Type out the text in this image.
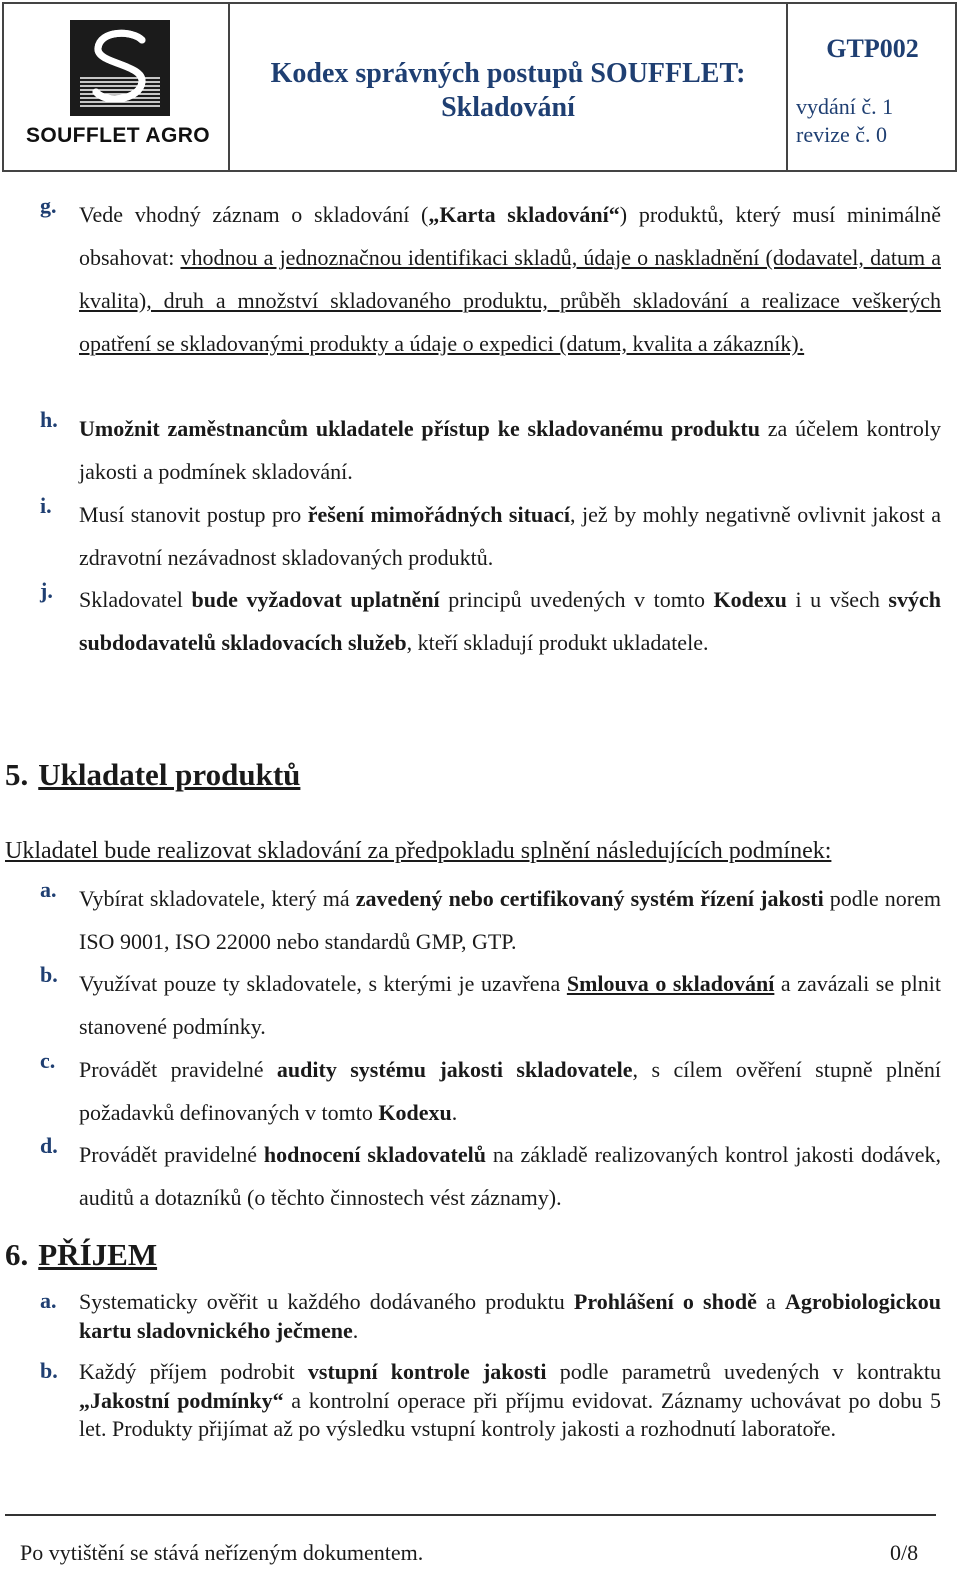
SOUFFLET AGRO
Kodex správných postupů SOUFFLET:
Skladování
GTP002
vydání č. 1
revize č. 0
g. Vede vhodný záznam o skladování („Karta skladování“) produktů, který musí minimálně obsahovat: vhodnou a jednoznačnou identifikaci skladů, údaje o naskladnění (dodavatel, datum a kvalita), druh a množství skladovaného produktu, průběh skladování a realizace veškerých opatření se skladovanými produkty a údaje o expedici (datum, kvalita a zákazník).
h. Umožnit zaměstnancům ukladatele přístup ke skladovanému produktu za účelem kontroly jakosti a podmínek skladování.
i. Musí stanovit postup pro řešení mimořádných situací, jež by mohly negativně ovlivnit jakost a zdravotní nezávadnost skladovaných produktů.
j. Skladovatel bude vyžadovat uplatnění principů uvedených v tomto Kodexu i u všech svých subdodavatelů skladovacích služeb, kteří skladují produkt ukladatele.
5. Ukladatel produktů
Ukladatel bude realizovat skladování za předpokladu splnění následujících podmínek:
a. Vybírat skladovatele, který má zavedený nebo certifikovaný systém řízení jakosti podle norem ISO 9001, ISO 22000 nebo standardů GMP, GTP.
b. Využívat pouze ty skladovatele, s kterými je uzavřena Smlouva o skladování a zavázali se plnit stanovené podmínky.
c. Provádět pravidelné audity systému jakosti skladovatele, s cílem ověření stupně plnění požadavků definovaných v tomto Kodexu.
d. Provádět pravidelné hodnocení skladovatelů na základě realizovaných kontrol jakosti dodávek, auditů a dotazníků (o těchto činnostech vést záznamy).
6. PŘÍJEM
a. Systematicky ověřit u každého dodávaného produktu Prohlášení o shodě a Agrobiologickou kartu sladovnického ječmene.
b. Každý příjem podrobit vstupní kontrole jakosti podle parametrů uvedených v kontraktu „Jakostní podmínky“ a kontrolní operace při příjmu evidovat. Záznamy uchovávat po dobu 5 let. Produkty přijímat až po výsledku vstupní kontroly jakosti a rozhodnutí laboratoře.
Po vytištění se stává neřízeným dokumentem.	0/8
